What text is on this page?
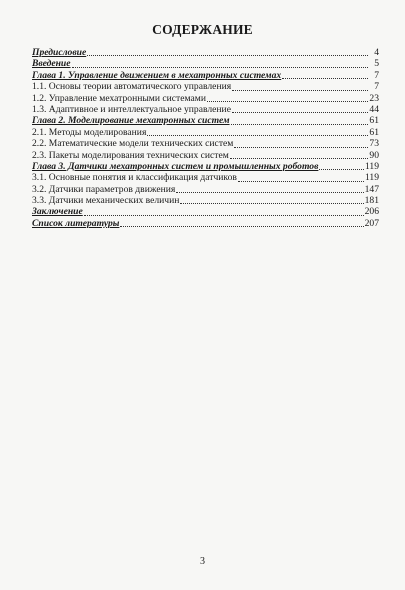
СОДЕРЖАНИЕ
Предисловие	4
Введение	5
Глава 1. Управление движением в мехатронных системах	7
1.1. Основы теории автоматического управления	7
1.2. Управление мехатронными системами	23
1.3. Адаптивное и интеллектуальное управление	44
Глава 2. Моделирование мехатронных систем	61
2.1. Методы моделирования	61
2.2. Математические модели технических систем	73
2.3. Пакеты моделирования технических систем	90
Глава 3. Датчики мехатронных систем и промышленных роботов	119
3.1. Основные понятия и классификация датчиков	119
3.2. Датчики параметров движения	147
3.3. Датчики механических величин	181
Заключение	206
Список литературы	207
3
